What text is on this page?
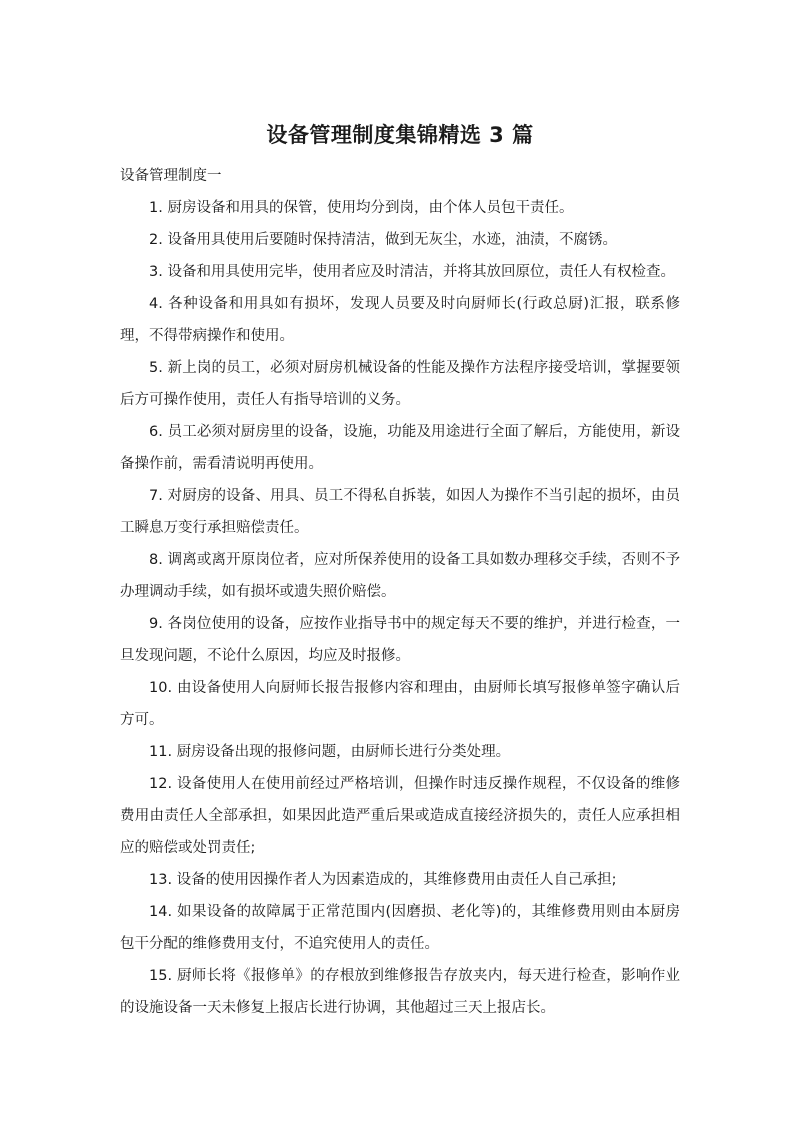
设备管理制度集锦精选 3 篇

设备管理制度一

1. 厨房设备和用具的保管，使用均分到岗，由个体人员包干责任。

2. 设备用具使用后要随时保持清洁，做到无灰尘，水迹，油渍，不腐锈。

3. 设备和用具使用完毕，使用者应及时清洁，并将其放回原位，责任人有权检查。

4. 各种设备和用具如有损坏，发现人员要及时向厨师长(行政总厨)汇报，联系修理，不得带病操作和使用。

5. 新上岗的员工，必须对厨房机械设备的性能及操作方法程序接受培训，掌握要领后方可操作使用，责任人有指导培训的义务。

6. 员工必须对厨房里的设备，设施，功能及用途进行全面了解后，方能使用，新设备操作前，需看清说明再使用。

7. 对厨房的设备、用具、员工不得私自拆装，如因人为操作不当引起的损坏，由员工瞬息万变行承担赔偿责任。

8. 调离或离开原岗位者，应对所保养使用的设备工具如数办理移交手续，否则不予办理调动手续，如有损坏或遗失照价赔偿。

9. 各岗位使用的设备，应按作业指导书中的规定每天不要的维护，并进行检查，一旦发现问题，不论什么原因，均应及时报修。

10. 由设备使用人向厨师长报告报修内容和理由，由厨师长填写报修单签字确认后方可。

11. 厨房设备出现的报修问题，由厨师长进行分类处理。

12. 设备使用人在使用前经过严格培训，但操作时违反操作规程，不仅设备的维修费用由责任人全部承担，如果因此造严重后果或造成直接经济损失的，责任人应承担相应的赔偿或处罚责任;

13. 设备的使用因操作者人为因素造成的，其维修费用由责任人自己承担;

14. 如果设备的故障属于正常范围内(因磨损、老化等)的，其维修费用则由本厨房包干分配的维修费用支付，不追究使用人的责任。

15. 厨师长将《报修单》的存根放到维修报告存放夹内，每天进行检查，影响作业的设施设备一天未修复上报店长进行协调，其他超过三天上报店长。
